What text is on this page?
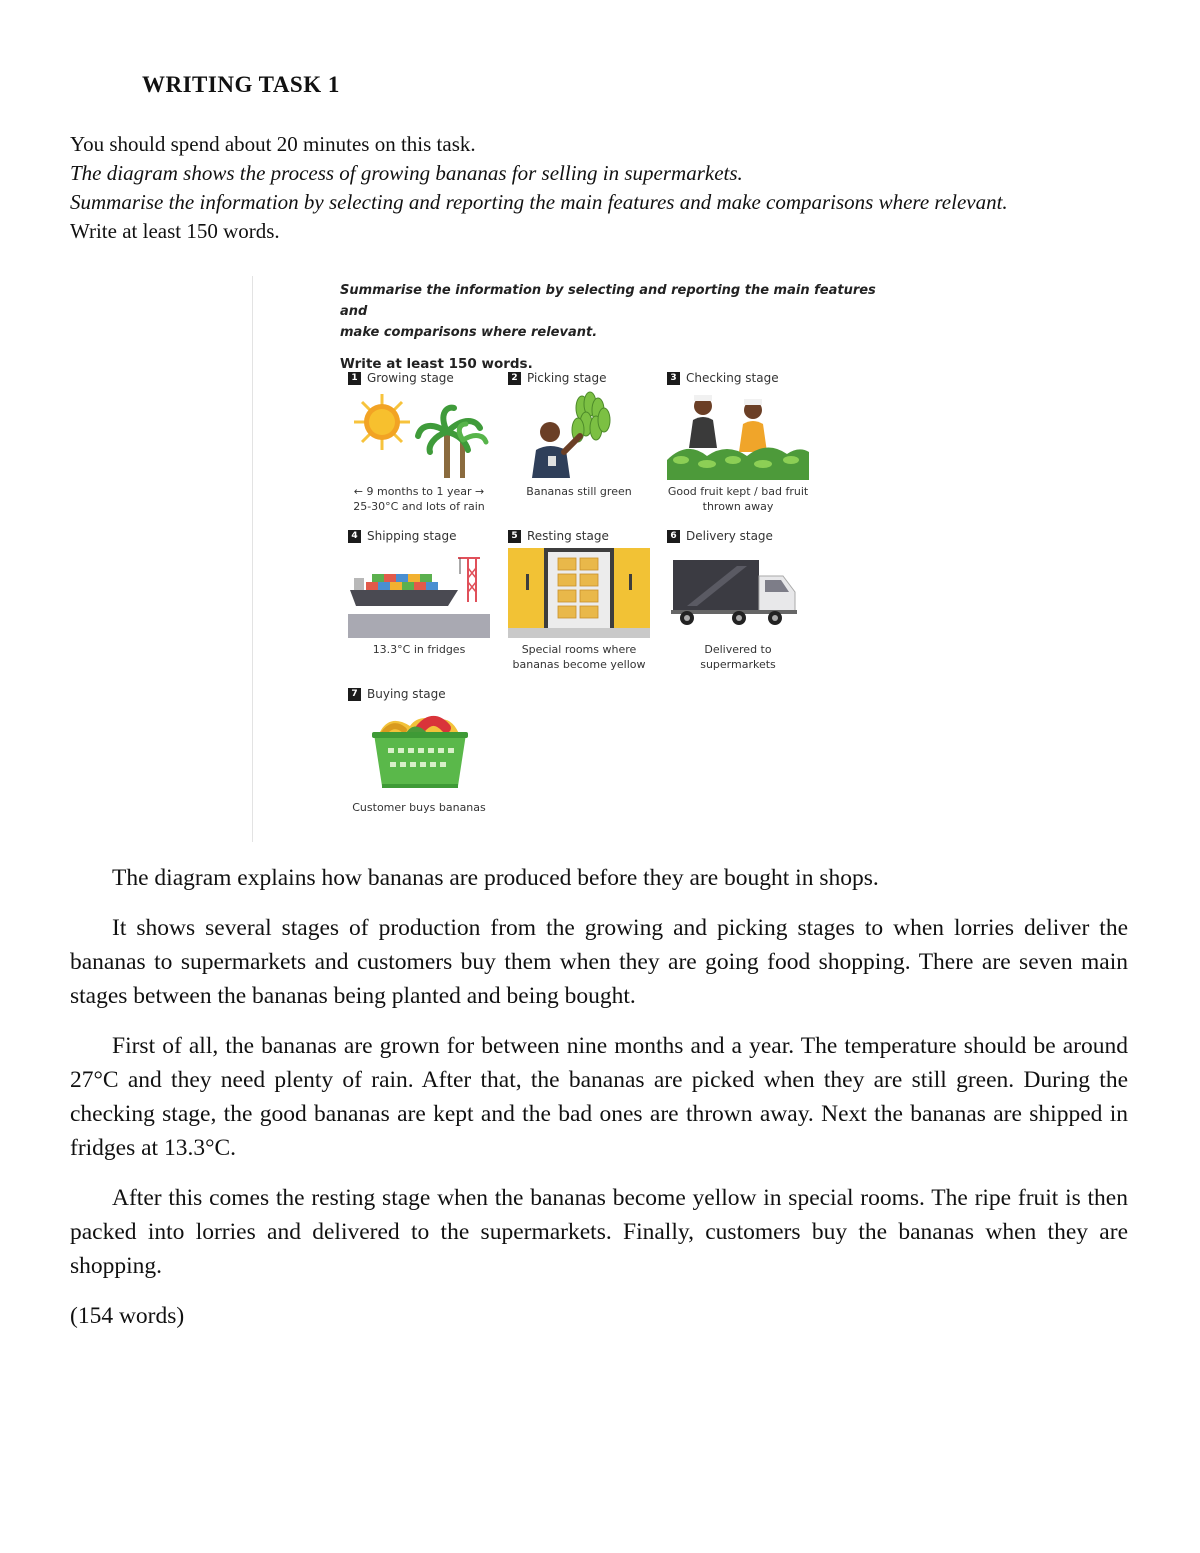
WRITING TASK 1

You should spend about 20 minutes on this task.

The diagram shows the process of growing bananas for selling in supermarkets.

Summarise the information by selecting and reporting the main features and make comparisons where relevant.

Write at least 150 words.

Summarise the information by selecting and reporting the main features and

make comparisons where relevant.

Write at least 150 words.

1 Growing stage
← 9 months to 1 year →
25-30°C and lots of rain
2 Picking stage
Bananas still green
3 Checking stage
Good fruit kept / bad fruit
thrown away
4 Shipping stage
13.3°C in fridges
5 Resting stage
Special rooms where
bananas become yellow
6 Delivery stage
Delivered to
supermarkets
7 Buying stage
Customer buys bananas

The diagram explains how bananas are produced before they are bought in shops.

It shows several stages of production from the growing and picking stages to when lorries deliver the bananas to supermarkets and customers buy them when they are going food shopping. There are seven main stages between the bananas being planted and being bought.

First of all, the bananas are grown for between nine months and a year. The temperature should be around 27°C and they need plenty of rain. After that, the bananas are picked when they are still green. During the checking stage, the good bananas are kept and the bad ones are thrown away. Next the bananas are shipped in fridges at 13.3°C.

After this comes the resting stage when the bananas become yellow in special rooms. The ripe fruit is then packed into lorries and delivered to the supermarkets. Finally, customers buy the bananas when they are shopping.

(154 words)
